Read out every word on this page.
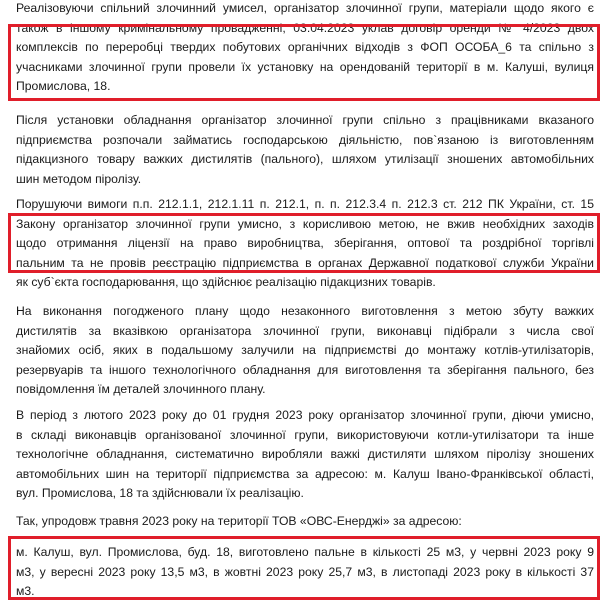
Реалізовуючи спільний злочинний умисел, організатор злочинної групи, матеріали щодо якого є
також в іншому кримінальному провадженні, 03.04.2023 уклав договір оренди № 4/2023 двох
комплексів по переробці твердих побутових органічних відходів з ФОП ОСОБА_6 та спільно з
учасниками злочинної групи провели їх установку на орендованій території в м. Калуші, вулиця
Промислова, 18.

Після установки обладнання організатор злочинної групи спільно з працівниками вказаного
підприємства розпочали займатись господарською діяльністю, пов`язаною із виготовленням
підакцизного товару важких дистилятів (пального), шляхом утилізації зношених автомобільних
шин методом піролізу.

Порушуючи вимоги п.п. 212.1.1, 212.1.11 п. 212.1, п. п. 212.3.4 п. 212.3 ст. 212 ПК України, ст. 15
Закону організатор злочинної групи умисно, з корисливою метою, не вжив необхідних заходів
щодо отримання ліцензії на право виробництва, зберігання, оптової та роздрібної торгівлі
пальним та не провів реєстрацію підприємства в органах Державної податкової служби України
як суб`єкта господарювання, що здійснює реалізацію підакцизних товарів.

На виконання погодженого плану щодо незаконного виготовлення з метою збуту важких
дистилятів за вказівкою організатора злочинної групи, виконавці підібрали з числа свої
знайомих осіб, яких в подальшому залучили на підприємстві до монтажу котлів-утилізаторів,
резервуарів та іншого технологічного обладнання для виготовлення та зберігання пального, без
повідомлення їм деталей злочинного плану.

В період з лютого 2023 року до 01 грудня 2023 року організатор злочинної групи, діючи умисно,
в складі виконавців організованої злочинної групи, використовуючи котли-утилізатори та інше
технологічне обладнання, систематично виробляли важкі дистиляти шляхом піролізу зношених
автомобільних шин на території підприємства за адресою: м. Калуш Івано-Франківської області,
вул. Промислова, 18 та здійснювали їх реалізацію.

Так, упродовж травня 2023 року на території ТОВ «ОВС-Енерджі» за адресою:

м. Калуш, вул. Промислова, буд. 18, виготовлено пальне в кількості 25 м3, у червні 2023 року 9
м3, у вересні 2023 року 13,5 м3, в жовтні 2023 року 25,7 м3, в листопаді 2023 року в кількості 37
м3.
